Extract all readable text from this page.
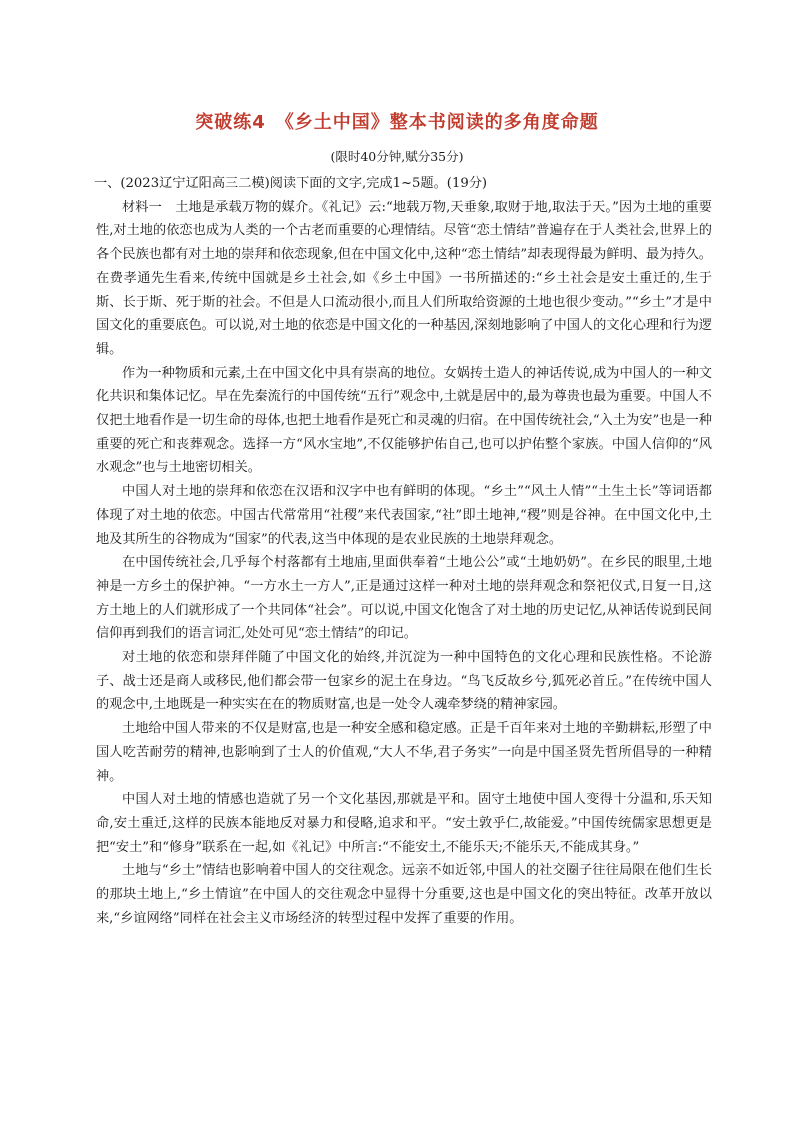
突破练4　《乡土中国》整本书阅读的多角度命题
(限时40分钟,赋分35分)

一、(2023辽宁辽阳高三二模)阅读下面的文字,完成1~5题。(19分)

材料一　土地是承载万物的媒介。《礼记》云:“地载万物,天垂象,取财于地,取法于天。”因为土地的重要性,对土地的依恋也成为人类的一个古老而重要的心理情结。尽管“恋土情结”普遍存在于人类社会,世界上的各个民族也都有对土地的崇拜和依恋现象,但在中国文化中,这种“恋土情结”却表现得最为鲜明、最为持久。在费孝通先生看来,传统中国就是乡土社会,如《乡土中国》一书所描述的:“乡土社会是安土重迁的,生于斯、长于斯、死于斯的社会。不但是人口流动很小,而且人们所取给资源的土地也很少变动。”“乡土”才是中国文化的重要底色。可以说,对土地的依恋是中国文化的一种基因,深刻地影响了中国人的文化心理和行为逻辑。

作为一种物质和元素,土在中国文化中具有崇高的地位。女娲抟土造人的神话传说,成为中国人的一种文化共识和集体记忆。早在先秦流行的中国传统“五行”观念中,土就是居中的,最为尊贵也最为重要。中国人不仅把土地看作是一切生命的母体,也把土地看作是死亡和灵魂的归宿。在中国传统社会,“入土为安”也是一种重要的死亡和丧葬观念。选择一方“风水宝地”,不仅能够护佑自己,也可以护佑整个家族。中国人信仰的“风水观念”也与土地密切相关。

中国人对土地的崇拜和依恋在汉语和汉字中也有鲜明的体现。“乡土”“风土人情”“土生土长”等词语都体现了对土地的依恋。中国古代常常用“社稷”来代表国家,“社”即土地神,“稷”则是谷神。在中国文化中,土地及其所生的谷物成为“国家”的代表,这当中体现的是农业民族的土地崇拜观念。

在中国传统社会,几乎每个村落都有土地庙,里面供奉着“土地公公”或“土地奶奶”。在乡民的眼里,土地神是一方乡土的保护神。“一方水土一方人”,正是通过这样一种对土地的崇拜观念和祭祀仪式,日复一日,这方土地上的人们就形成了一个共同体“社会”。可以说,中国文化饱含了对土地的历史记忆,从神话传说到民间信仰再到我们的语言词汇,处处可见“恋土情结”的印记。

对土地的依恋和崇拜伴随了中国文化的始终,并沉淀为一种中国特色的文化心理和民族性格。不论游子、战士还是商人或移民,他们都会带一包家乡的泥土在身边。“鸟飞反故乡兮,狐死必首丘。”在传统中国人的观念中,土地既是一种实实在在的物质财富,也是一处令人魂牵梦绕的精神家园。

土地给中国人带来的不仅是财富,也是一种安全感和稳定感。正是千百年来对土地的辛勤耕耘,形塑了中国人吃苦耐劳的精神,也影响到了士人的价值观,“大人不华,君子务实”一向是中国圣贤先哲所倡导的一种精神。

中国人对土地的情感也造就了另一个文化基因,那就是平和。固守土地使中国人变得十分温和,乐天知命,安土重迁,这样的民族本能地反对暴力和侵略,追求和平。“安土敦乎仁,故能爱。”中国传统儒家思想更是把“安土”和“修身”联系在一起,如《礼记》中所言:“不能安土,不能乐天;不能乐天,不能成其身。”

土地与“乡土”情结也影响着中国人的交往观念。远亲不如近邻,中国人的社交圈子往往局限在他们生长的那块土地上,“乡土情谊”在中国人的交往观念中显得十分重要,这也是中国文化的突出特征。改革开放以来,“乡谊网络”同样在社会主义市场经济的转型过程中发挥了重要的作用。
